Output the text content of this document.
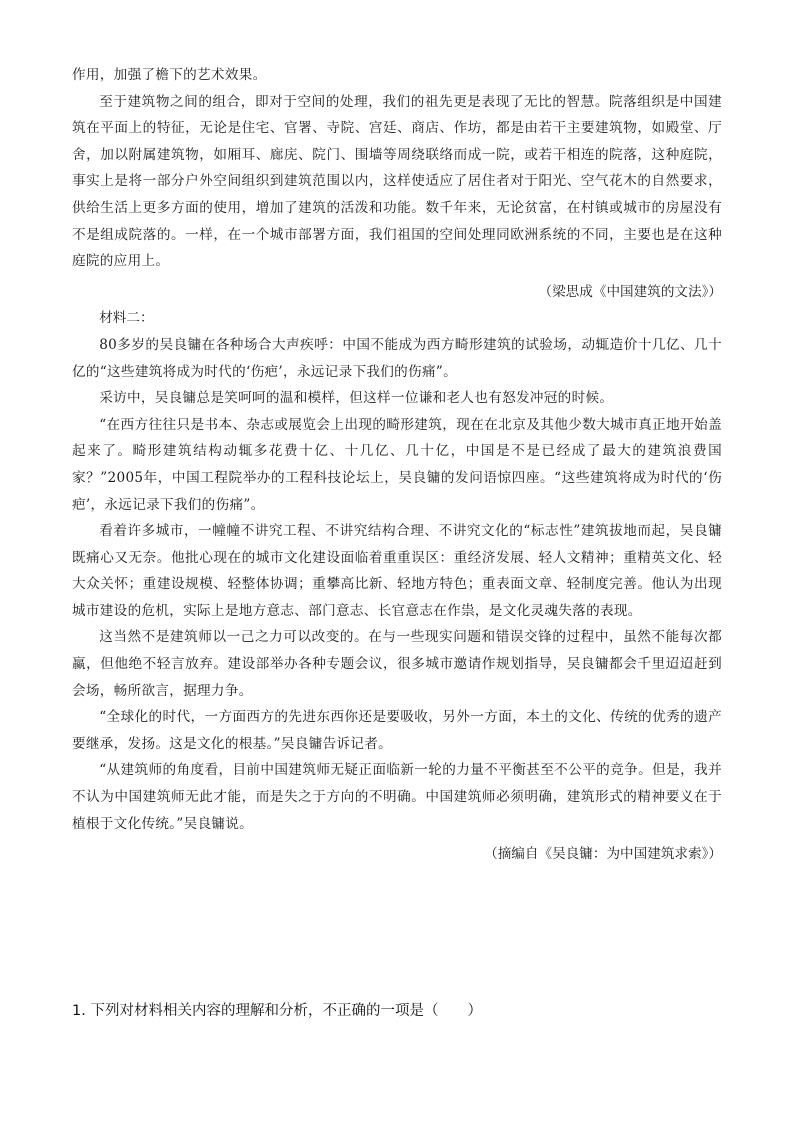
作用，加强了檐下的艺术效果。

至于建筑物之间的组合，即对于空间的处理，我们的祖先更是表现了无比的智慧。院落组织是中国建筑在平面上的特征，无论是住宅、官署、寺院、宫廷、商店、作坊，都是由若干主要建筑物，如殿堂、厅舍，加以附属建筑物，如厢耳、廊庑、院门、围墙等周绕联络而成一院，或若干相连的院落，这种庭院，事实上是将一部分户外空间组织到建筑范围以内，这样使适应了居住者对于阳光、空气花木的自然要求，供给生活上更多方面的使用，增加了建筑的活泼和功能。数千年来，无论贫富，在村镇或城市的房屋没有不是组成院落的。一样，在一个城市部署方面，我们祖国的空间处理同欧洲系统的不同，主要也是在这种庭院的应用上。

（梁思成《中国建筑的文法》）

材料二：

80多岁的吴良镛在各种场合大声疾呼：中国不能成为西方畸形建筑的试验场，动辄造价十几亿、几十亿的“这些建筑将成为时代的‘伤疤’，永远记录下我们的伤痛”。

采访中，吴良镛总是笑呵呵的温和模样，但这样一位谦和老人也有怒发冲冠的时候。

“在西方往往只是书本、杂志或展览会上出现的畸形建筑，现在在北京及其他少数大城市真正地开始盖起来了。畸形建筑结构动辄多花费十亿、十几亿、几十亿，中国是不是已经成了最大的建筑浪费国家？”2005年，中国工程院举办的工程科技论坛上，吴良镛的发问语惊四座。“这些建筑将成为时代的‘伤疤’，永远记录下我们的伤痛”。

看着许多城市，一幢幢不讲究工程、不讲究结构合理、不讲究文化的“标志性”建筑拔地而起，吴良镛既痛心又无奈。他批心现在的城市文化建设面临着重重误区：重经济发展、轻人文精神；重精英文化、轻大众关怀；重建设规模、轻整体协调；重攀高比新、轻地方特色；重表面文章、轻制度完善。他认为出现城市建设的危机，实际上是地方意志、部门意志、长官意志在作祟，是文化灵魂失落的表现。

这当然不是建筑师以一己之力可以改变的。在与一些现实问题和错误交锋的过程中，虽然不能每次都赢，但他绝不轻言放弃。建设部举办各种专题会议，很多城市邀请作规划指导，吴良镛都会千里迢迢赶到会场，畅所欲言，据理力争。

“全球化的时代，一方面西方的先进东西你还是要吸收，另外一方面，本土的文化、传统的优秀的遗产要继承，发扬。这是文化的根基。”吴良镛告诉记者。

“从建筑师的角度看，目前中国建筑师无疑正面临新一轮的力量不平衡甚至不公平的竞争。但是，我并不认为中国建筑师无此才能，而是失之于方向的不明确。中国建筑师必须明确，建筑形式的精神要义在于植根于文化传统。”吴良镛说。

（摘编自《吴良镛：为中国建筑求索》）

1. 下列对材料相关内容的理解和分析，不正确的一项是（　　）
